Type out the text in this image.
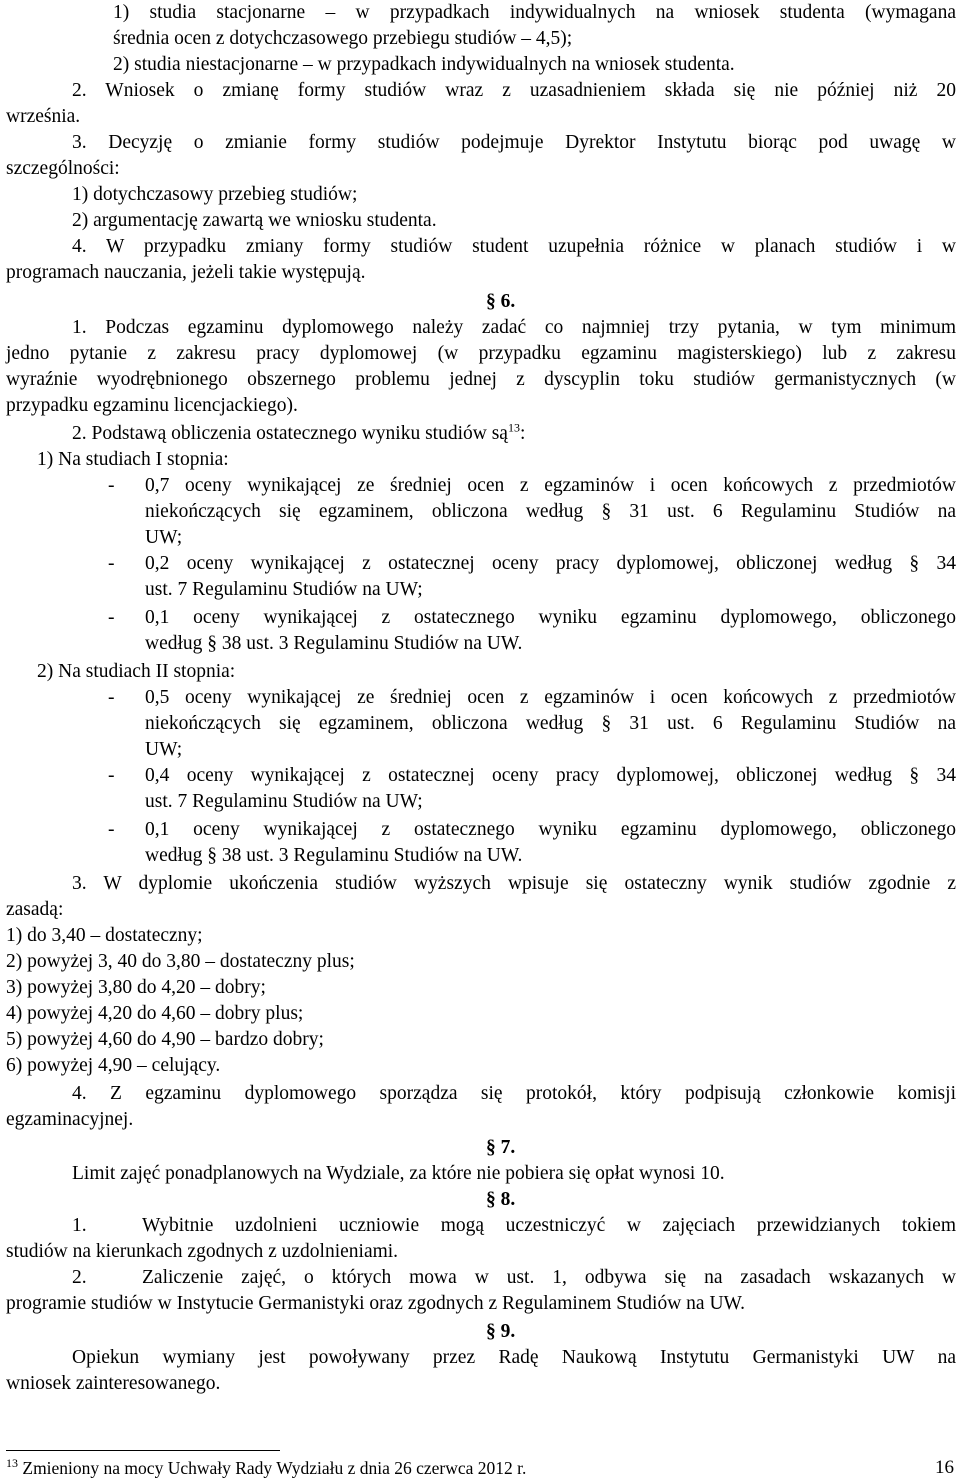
1) studia stacjonarne – w przypadkach indywidualnych na wniosek studenta (wymagana
średnia ocen z dotychczasowego przebiegu studiów – 4,5);
2) studia niestacjonarne – w przypadkach indywidualnych na wniosek studenta.
2. Wniosek o zmianę formy studiów wraz z uzasadnieniem składa się nie później niż 20
września.
3. Decyzję o zmianie formy studiów podejmuje Dyrektor Instytutu biorąc pod uwagę w
szczególności:
1) dotychczasowy przebieg studiów;
2) argumentację zawartą we wniosku studenta.
4. W przypadku zmiany formy studiów student uzupełnia różnice w planach studiów i w
programach nauczania, jeżeli takie występują.
§ 6.
1. Podczas egzaminu dyplomowego należy zadać co najmniej trzy pytania, w tym minimum
jedno pytanie z zakresu pracy dyplomowej (w przypadku egzaminu magisterskiego) lub z zakresu
wyraźnie wyodrębnionego obszernego problemu jednej z dyscyplin toku studiów germanistycznych (w
przypadku egzaminu licencjackiego).
2. Podstawą obliczenia ostatecznego wyniku studiów $są^{13}$:
1) Na studiach I stopnia:
- 0,7 oceny wynikającej ze średniej ocen z egzaminów i ocen końcowych z przedmiotów
niekończących się egzaminem, obliczona według § 31 ust. 6 Regulaminu Studiów na
UW;
- 0,2 oceny wynikającej z ostatecznej oceny pracy dyplomowej, obliczonej według § 34
ust. 7 Regulaminu Studiów na UW;
- 0,1 oceny wynikającej z ostatecznego wyniku egzaminu dyplomowego, obliczonego
według § 38 ust. 3 Regulaminu Studiów na UW.
2) Na studiach II stopnia:
- 0,5 oceny wynikającej ze średniej ocen z egzaminów i ocen końcowych z przedmiotów
niekończących się egzaminem, obliczona według § 31 ust. 6 Regulaminu Studiów na
UW;
- 0,4 oceny wynikającej z ostatecznej oceny pracy dyplomowej, obliczonej według § 34
ust. 7 Regulaminu Studiów na UW;
- 0,1 oceny wynikającej z ostatecznego wyniku egzaminu dyplomowego, obliczonego
według § 38 ust. 3 Regulaminu Studiów na UW.
3. W dyplomie ukończenia studiów wyższych wpisuje się ostateczny wynik studiów zgodnie z
zasadą:
1) do 3,40 – dostateczny;
2) powyżej 3, 40 do 3,80 – dostateczny plus;
3) powyżej 3,80 do 4,20 – dobry;
4) powyżej 4,20 do 4,60 – dobry plus;
5) powyżej 4,60 do 4,90 – bardzo dobry;
6) powyżej 4,90 – celujący.
4. Z egzaminu dyplomowego sporządza się protokół, który podpisują członkowie komisji
egzaminacyjnej.
§ 7.
Limit zajęć ponadplanowych na Wydziale, za które nie pobiera się opłat wynosi 10.
§ 8.
1.	Wybitnie uzdolnieni uczniowie mogą uczestniczyć w zajęciach przewidzianych tokiem
studiów na kierunkach zgodnych z uzdolnieniami.
2.	Zaliczenie zajęć, o których mowa w ust. 1, odbywa się na zasadach wskazanych w
programie studiów w Instytucie Germanistyki oraz zgodnych z Regulaminem Studiów na UW.
§ 9.
Opiekun wymiany jest powoływany przez Radę Naukową Instytutu Germanistyki UW na
wniosek zainteresowanego.
$^{13}$ Zmieniony na mocy Uchwały Rady Wydziału z dnia 26 czerwca 2012 r.	16
